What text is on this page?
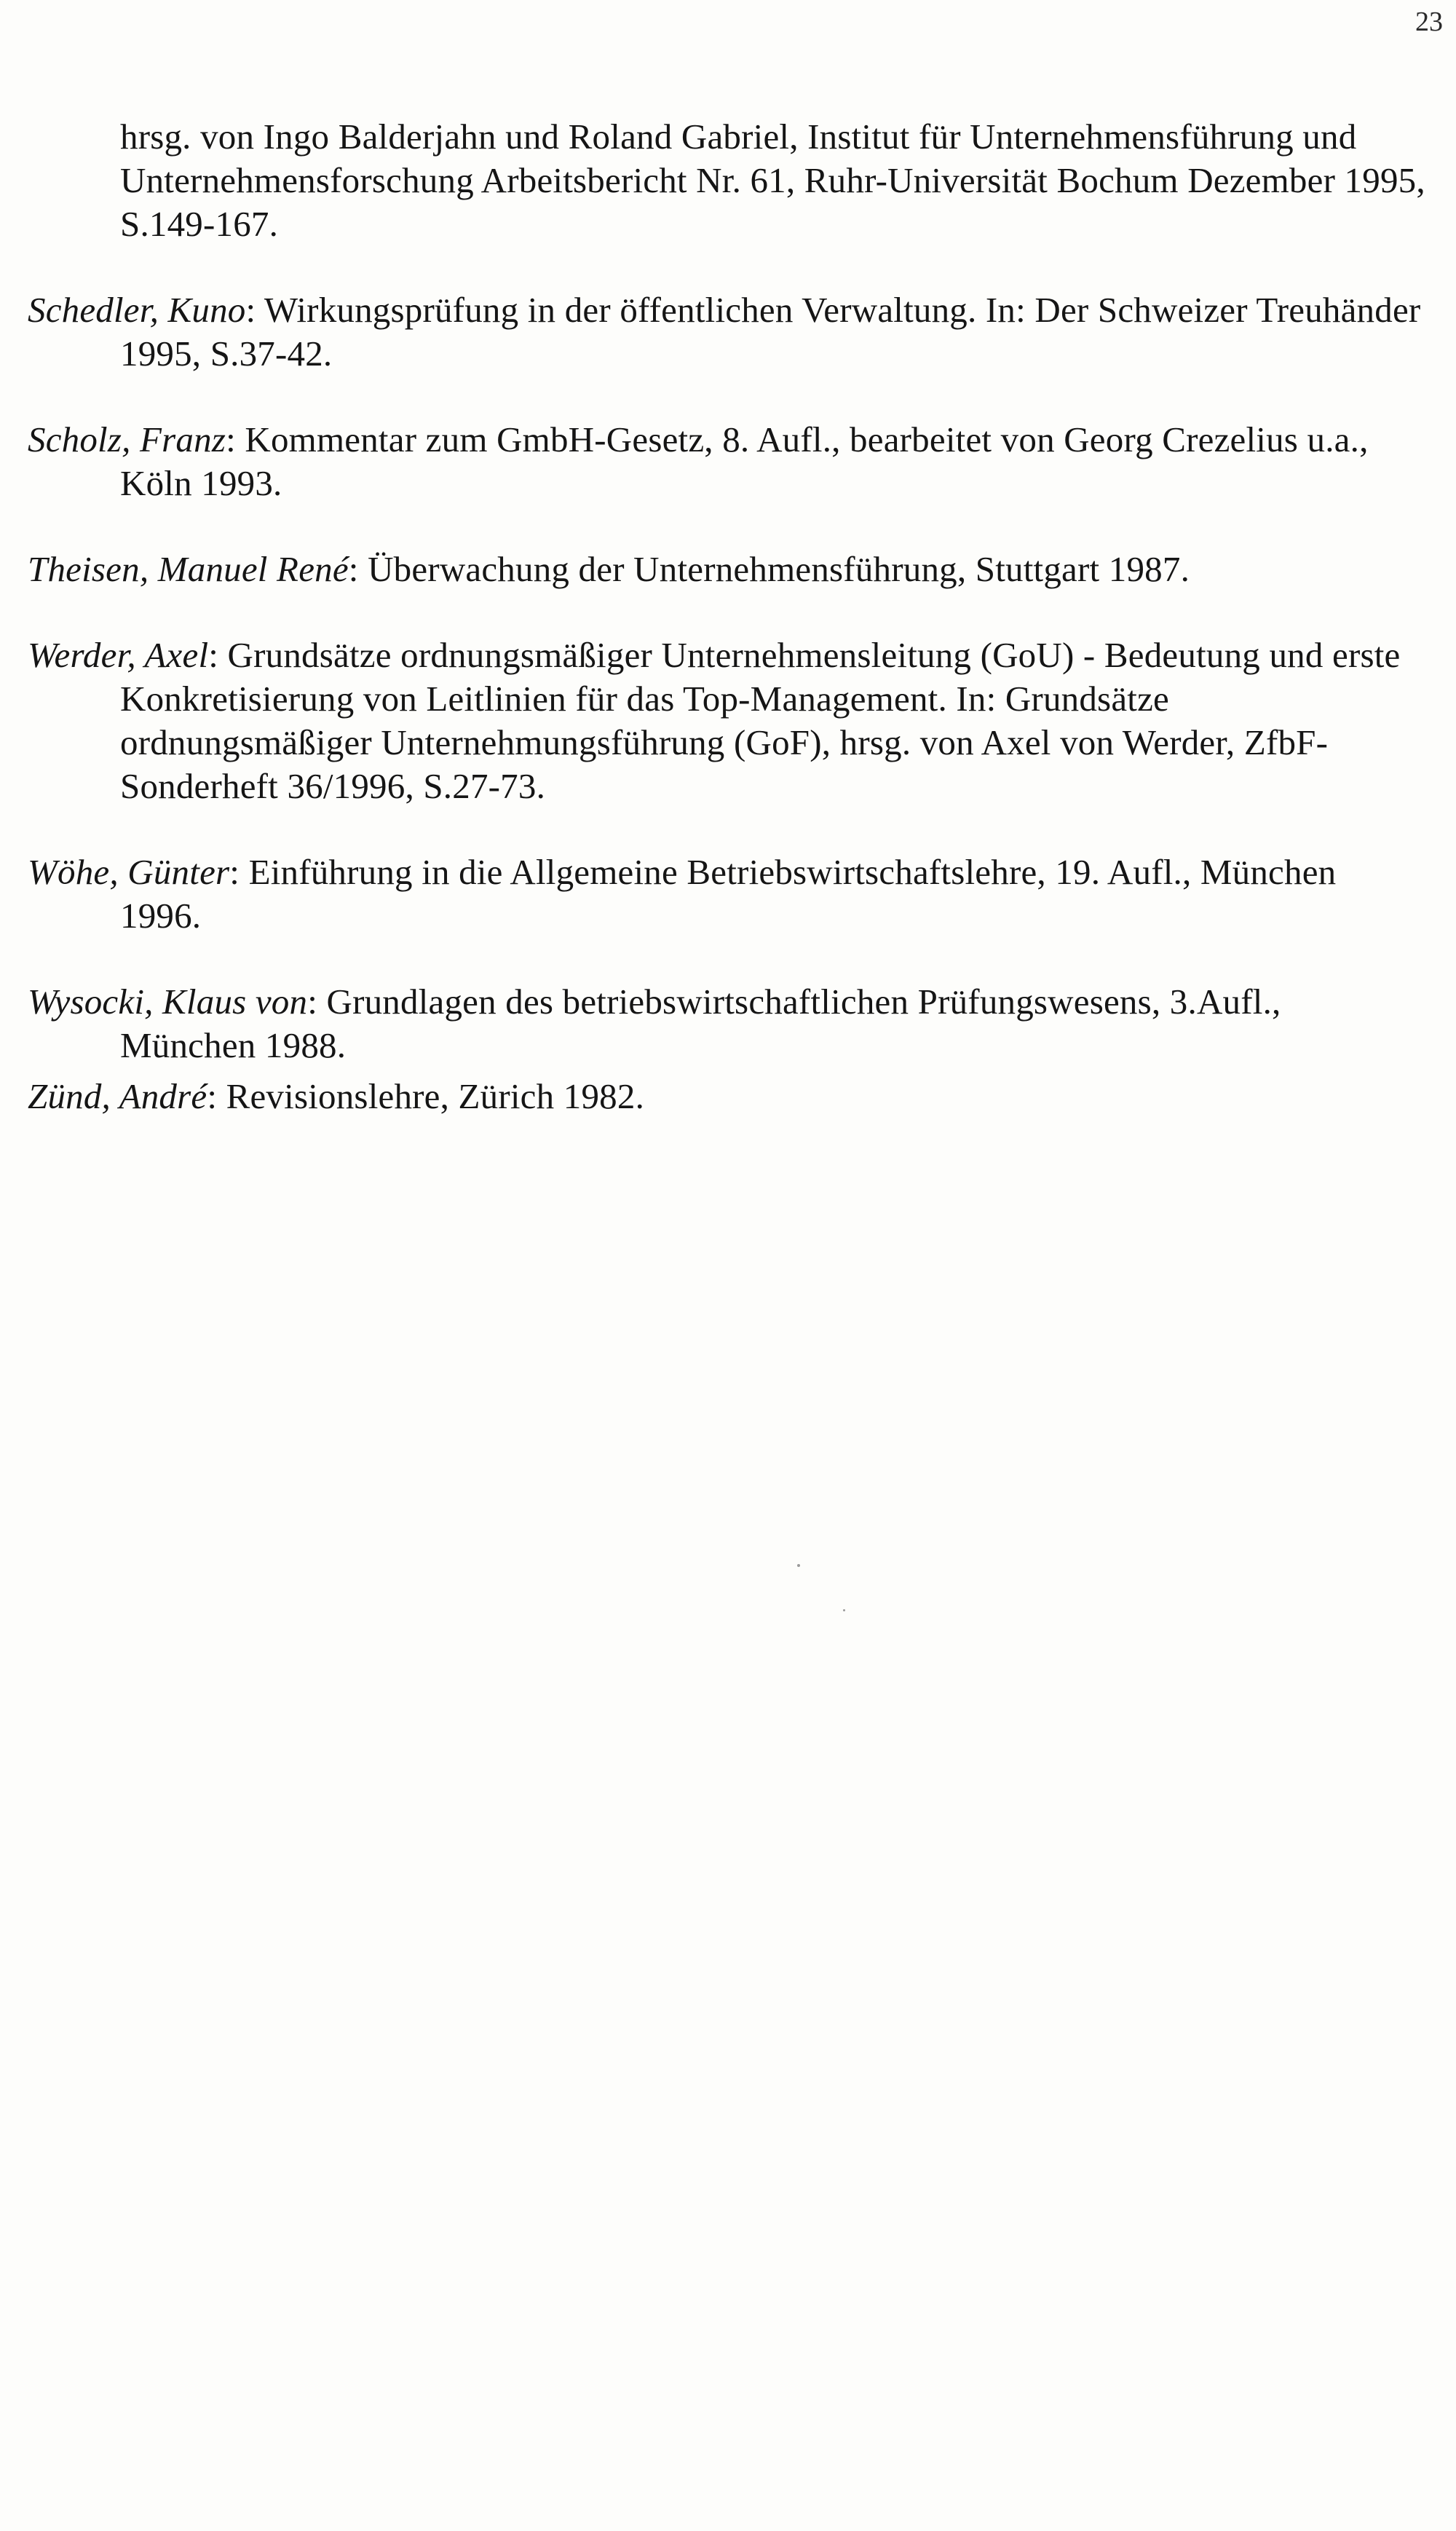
23

hrsg. von Ingo Balderjahn und Roland Gabriel, Institut für Unternehmensführung und Unternehmensforschung Arbeitsbericht Nr. 61, Ruhr-Universität Bochum Dezember 1995, S.149-167.

Schedler, Kuno: Wirkungsprüfung in der öffentlichen Verwaltung. In: Der Schweizer Treuhänder 1995, S.37-42.

Scholz, Franz: Kommentar zum GmbH-Gesetz, 8. Aufl., bearbeitet von Georg Crezelius u.a., Köln 1993.

Theisen, Manuel René: Überwachung der Unternehmensführung, Stuttgart 1987.

Werder, Axel: Grundsätze ordnungsmäßiger Unternehmensleitung (GoU) - Bedeutung und erste Konkretisierung von Leitlinien für das Top-Management. In: Grundsätze ordnungsmäßiger Unternehmungsführung (GoF), hrsg. von Axel von Werder, ZfbF-Sonderheft 36/1996, S.27-73.

Wöhe, Günter: Einführung in die Allgemeine Betriebswirtschaftslehre, 19. Aufl., München 1996.

Wysocki, Klaus von: Grundlagen des betriebswirtschaftlichen Prüfungswesens, 3.Aufl., München 1988.

Zünd, André: Revisionslehre, Zürich 1982.
